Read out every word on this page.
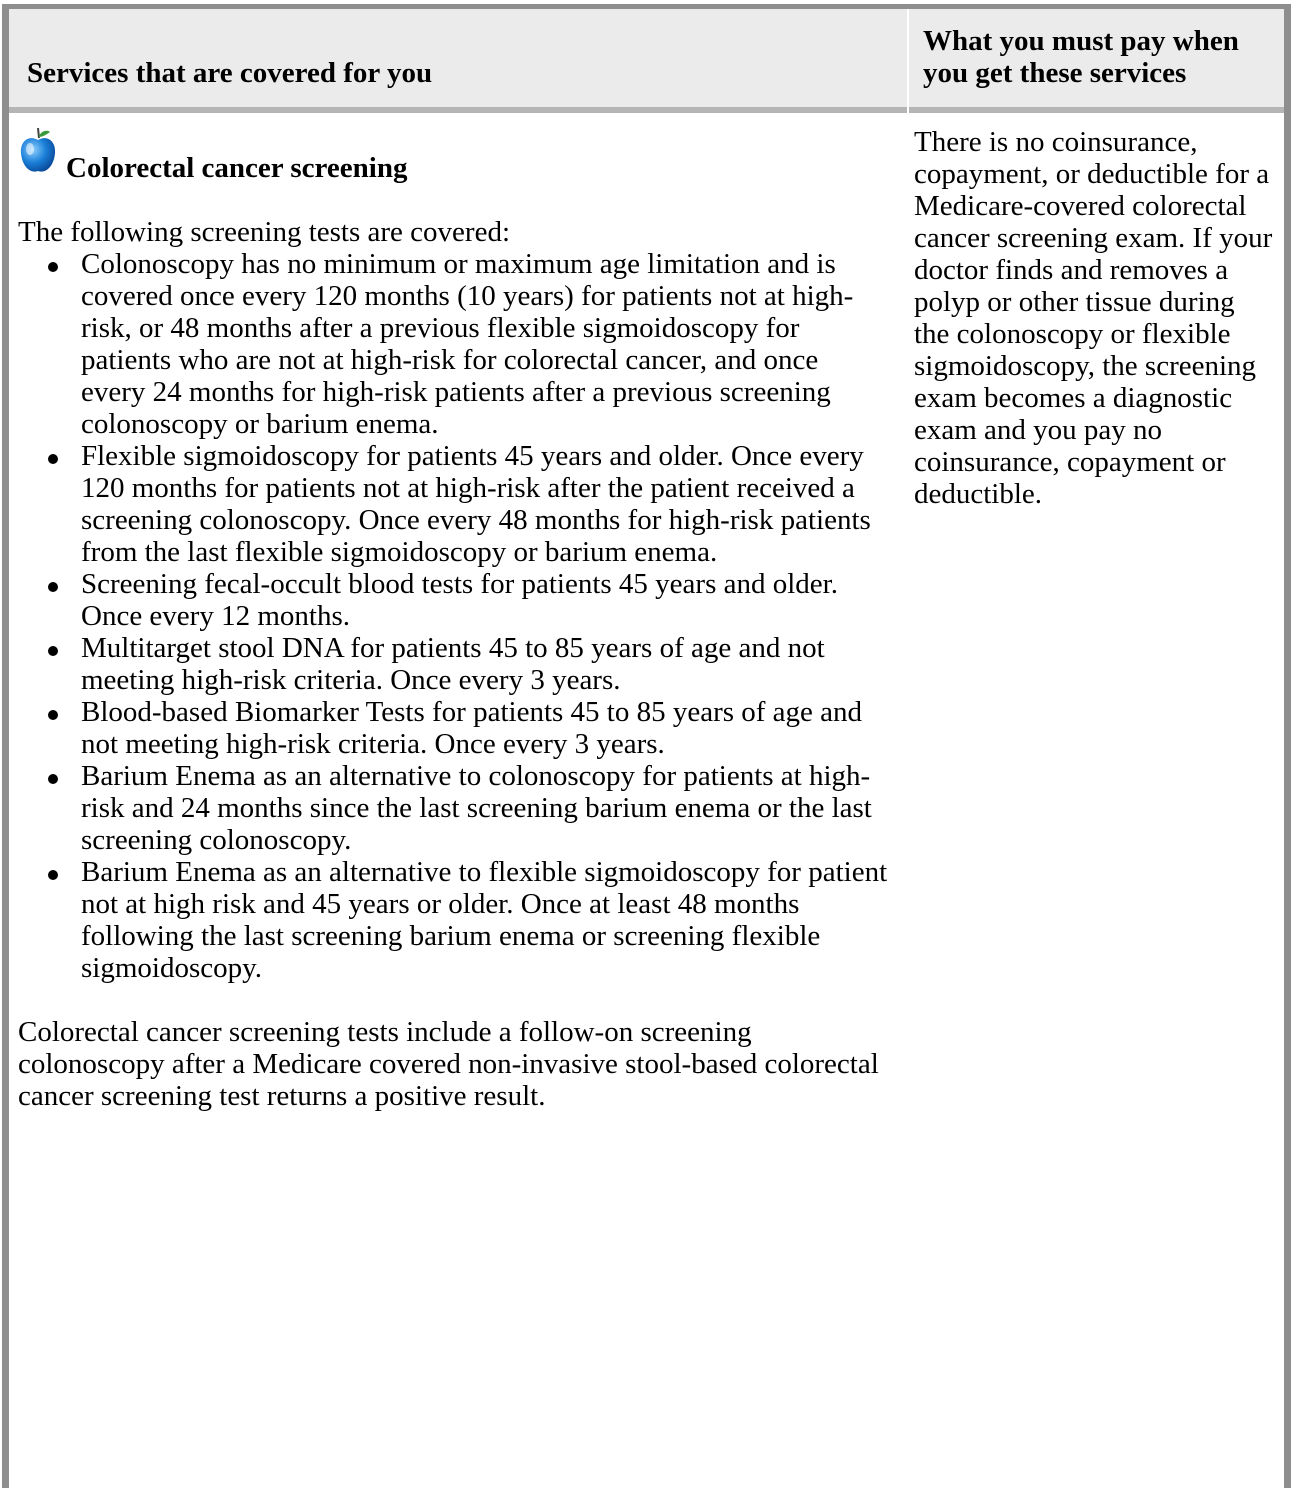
Services that are covered for you
What you must pay when you get these services
Colorectal cancer screening
The following screening tests are covered:
Colonoscopy has no minimum or maximum age limitation and is covered once every 120 months (10 years) for patients not at high-risk, or 48 months after a previous flexible sigmoidoscopy for patients who are not at high-risk for colorectal cancer, and once every 24 months for high-risk patients after a previous screening colonoscopy or barium enema.
Flexible sigmoidoscopy for patients 45 years and older. Once every 120 months for patients not at high-risk after the patient received a screening colonoscopy. Once every 48 months for high-risk patients from the last flexible sigmoidoscopy or barium enema.
Screening fecal-occult blood tests for patients 45 years and older. Once every 12 months.
Multitarget stool DNA for patients 45 to 85 years of age and not meeting high-risk criteria. Once every 3 years.
Blood-based Biomarker Tests for patients 45 to 85 years of age and not meeting high-risk criteria. Once every 3 years.
Barium Enema as an alternative to colonoscopy for patients at high-risk and 24 months since the last screening barium enema or the last screening colonoscopy.
Barium Enema as an alternative to flexible sigmoidoscopy for patient not at high risk and 45 years or older. Once at least 48 months following the last screening barium enema or screening flexible sigmoidoscopy.
Colorectal cancer screening tests include a follow-on screening colonoscopy after a Medicare covered non-invasive stool-based colorectal cancer screening test returns a positive result.
There is no coinsurance, copayment, or deductible for a Medicare-covered colorectal cancer screening exam. If your doctor finds and removes a polyp or other tissue during the colonoscopy or flexible sigmoidoscopy, the screening exam becomes a diagnostic exam and you pay no coinsurance, copayment or deductible.
